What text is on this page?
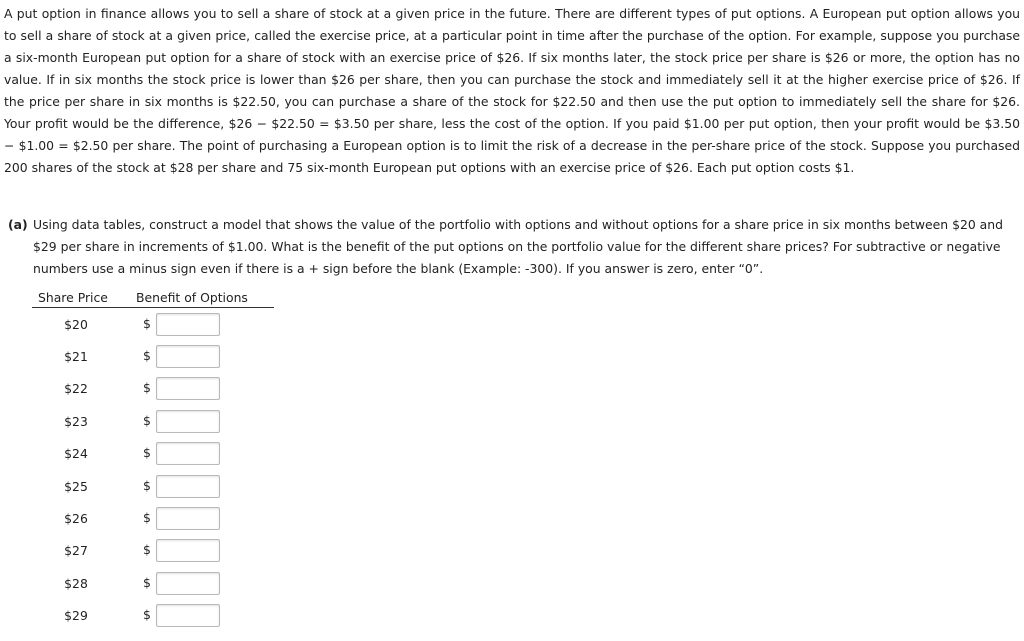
A put option in finance allows you to sell a share of stock at a given price in the future. There are different types of put options. A European put option allows you to sell a share of stock at a given price, called the exercise price, at a particular point in time after the purchase of the option. For example, suppose you purchase a six-month European put option for a share of stock with an exercise price of $26. If six months later, the stock price per share is $26 or more, the option has no value. If in six months the stock price is lower than $26 per share, then you can purchase the stock and immediately sell it at the higher exercise price of $26. If the price per share in six months is $22.50, you can purchase a share of the stock for $22.50 and then use the put option to immediately sell the share for $26. Your profit would be the difference, $26 − $22.50 = $3.50 per share, less the cost of the option. If you paid $1.00 per put option, then your profit would be $3.50 − $1.00 = $2.50 per share. The point of purchasing a European option is to limit the risk of a decrease in the per-share price of the stock. Suppose you purchased 200 shares of the stock at $28 per share and 75 six-month European put options with an exercise price of $26. Each put option costs $1.

(a) Using data tables, construct a model that shows the value of the portfolio with options and without options for a share price in six months between $20 and $29 per share in increments of $1.00. What is the benefit of the put options on the portfolio value for the different share prices? For subtractive or negative numbers use a minus sign even if there is a + sign before the blank (Example: -300). If you answer is zero, enter “0”.
Share Price	Benefit of Options
$20	$
$21	$
$22	$
$23	$
$24	$
$25	$
$26	$
$27	$
$28	$
$29	$
